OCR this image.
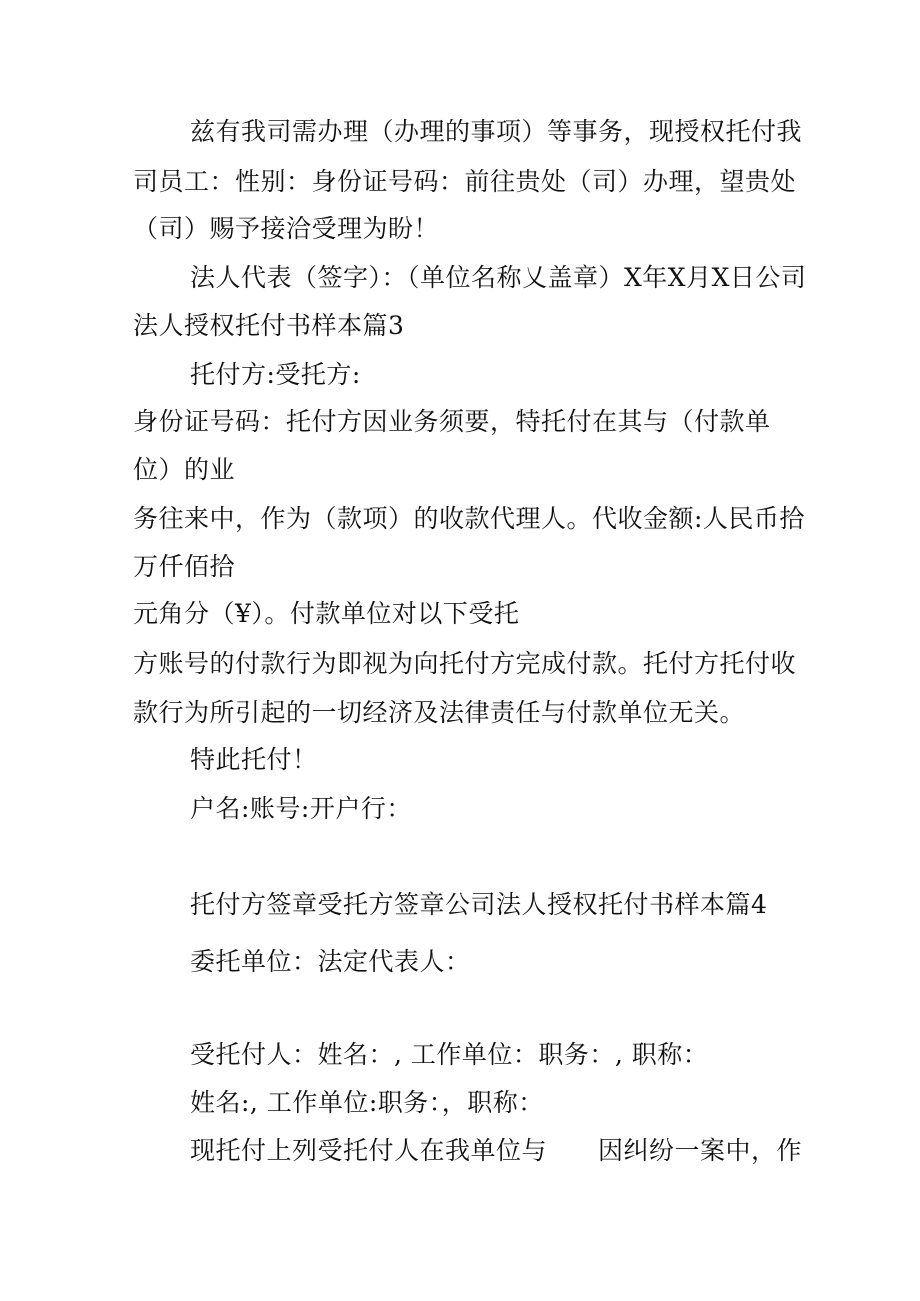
兹有我司需办理（办理的事项）等事务，现授权托付我
司员工：性别：身份证号码：前往贵处（司）办理，望贵处
（司）赐予接洽受理为盼！
法人代表（签字）：（单位名称乂盖章）X年X月X日公司
法人授权托付书样本篇3
托付方:受托方:
身份证号码：托付方因业务须要，特托付在其与（付款单
位）的业
务往来中，作为（款项）的收款代理人。代收金额:人民币拾
万仟佰拾
元角分（¥）。付款单位对以下受托
方账号的付款行为即视为向托付方完成付款。托付方托付收
款行为所引起的一切经济及法律责任与付款单位无关。
特此托付！
户名:账号:开户行：
托付方签章受托方签章公司法人授权托付书样本篇4
委托单位：法定代表人：
受托付人：姓名：, 工作单位：职务：, 职称：
姓名:, 工作单位:职务：，职称：
现托付上列受托付人在我单位与　　因纠纷一案中，作
